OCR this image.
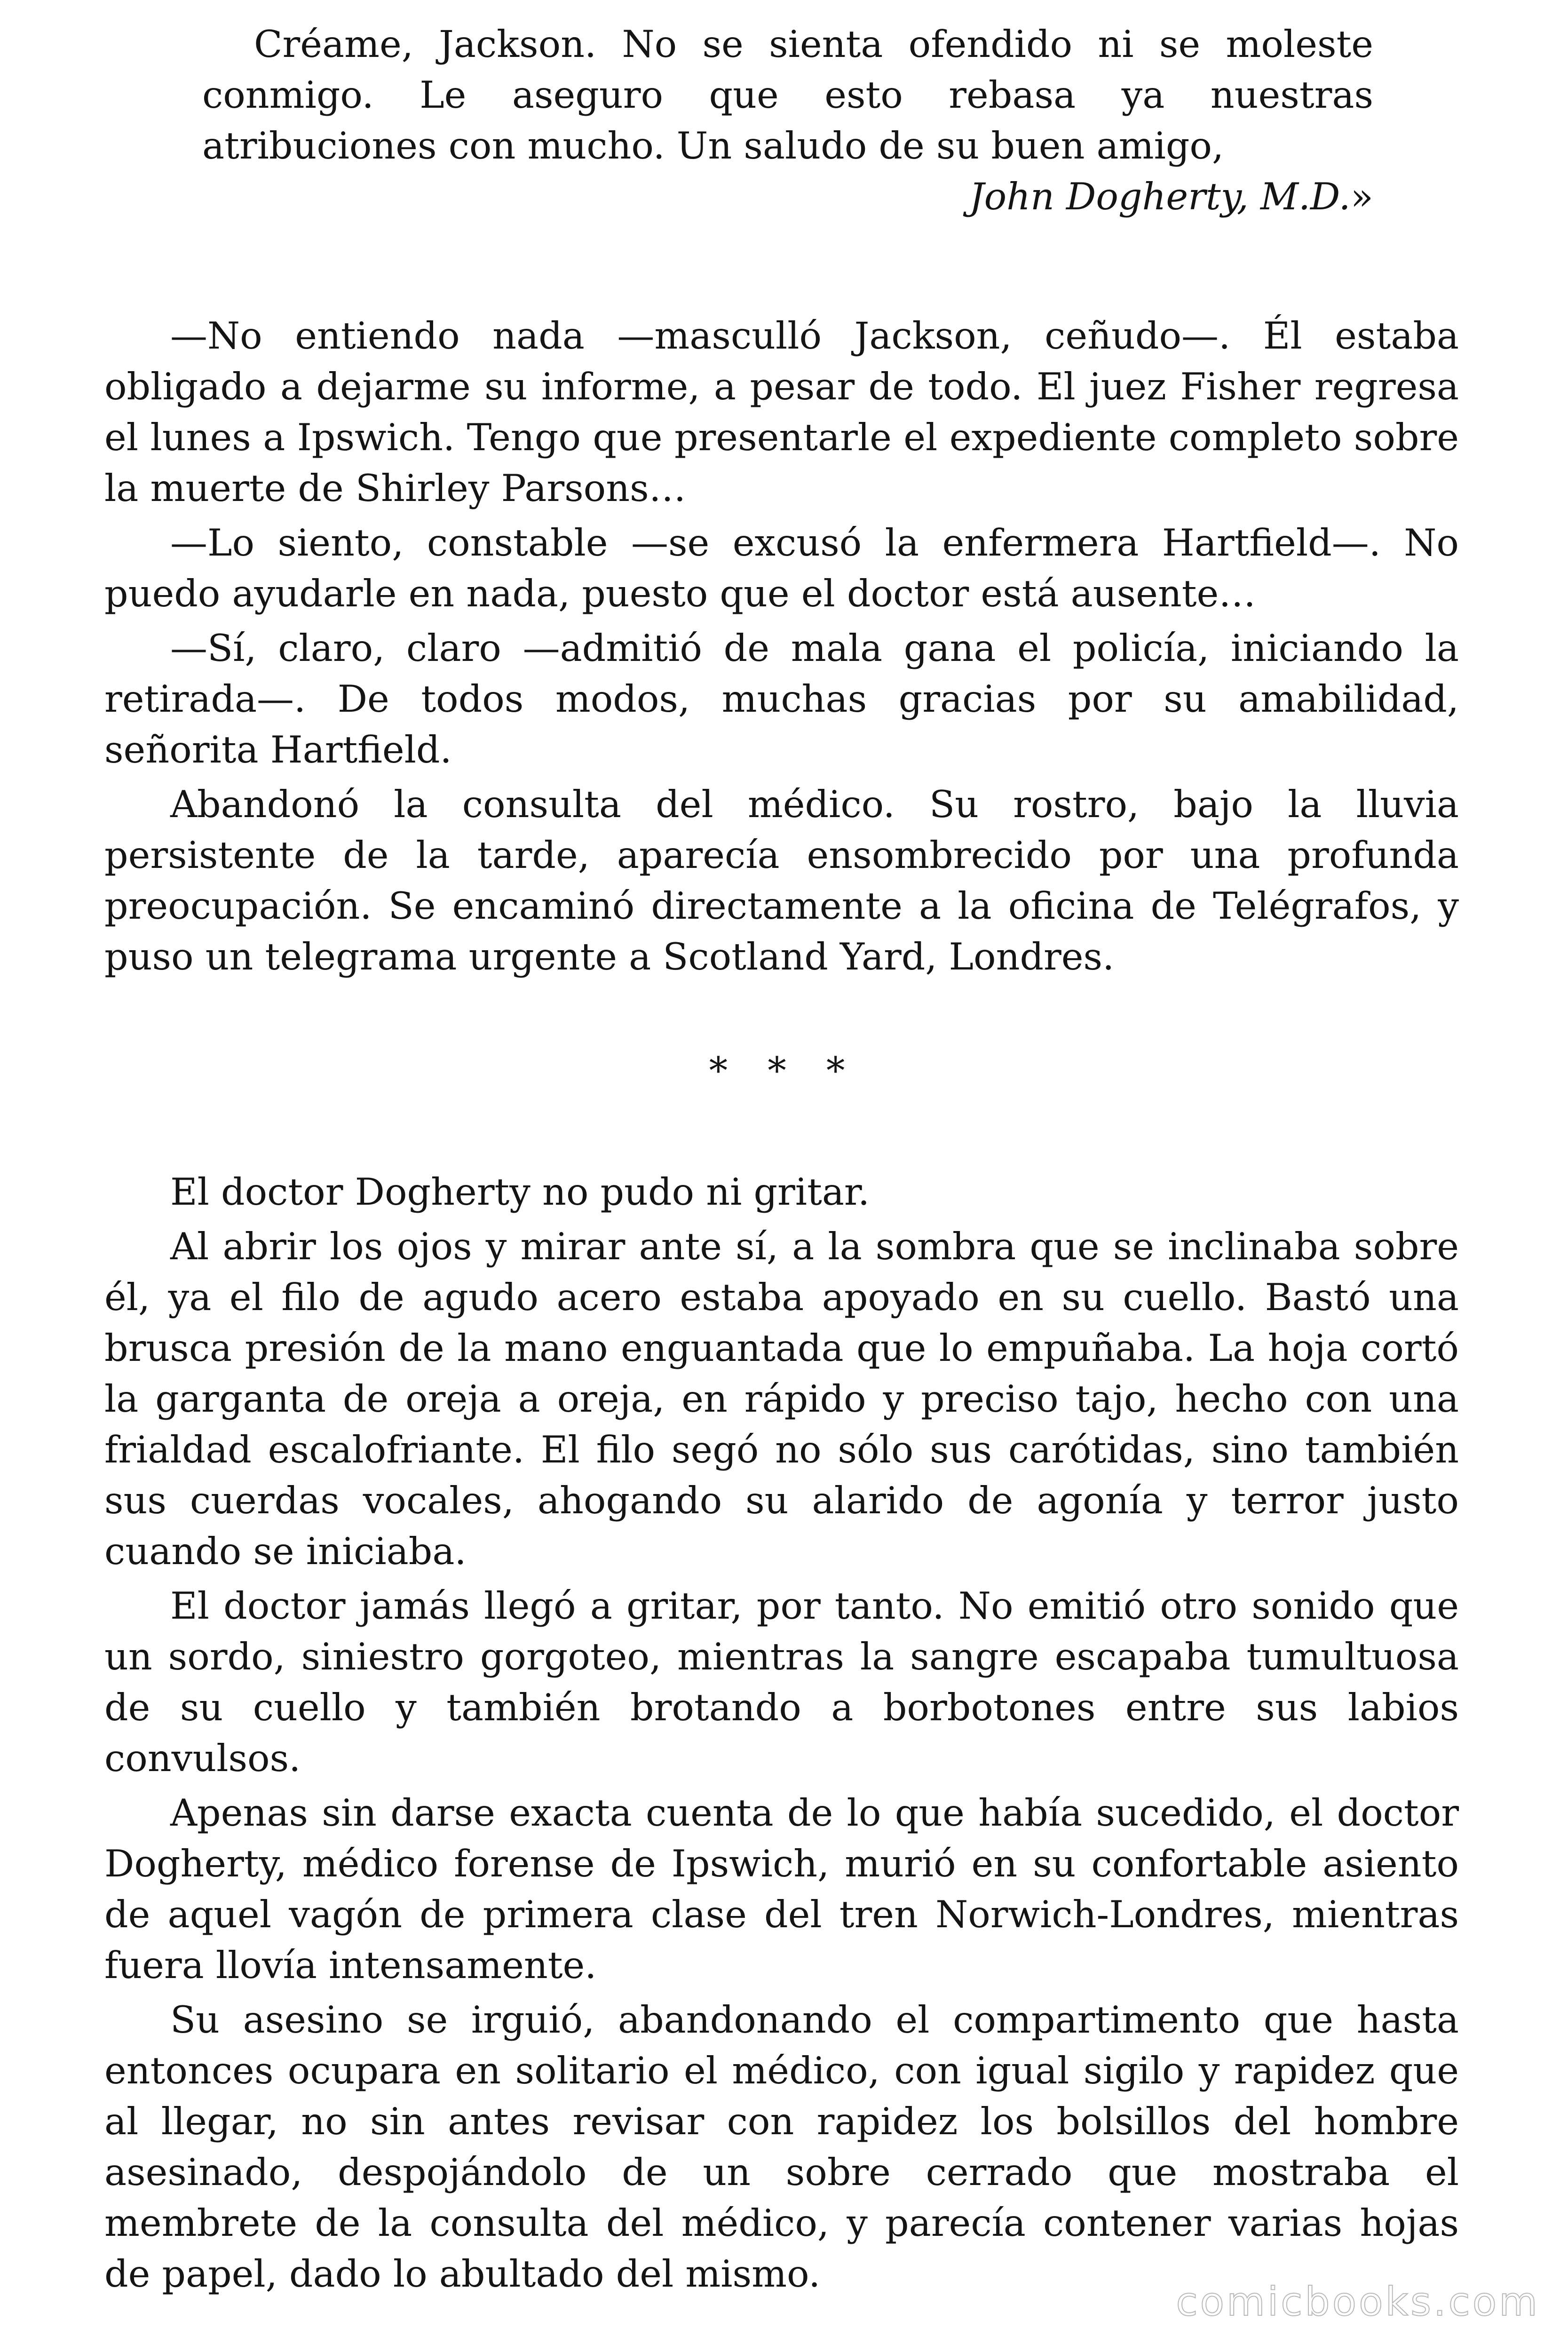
Créame, Jackson. No se sienta ofendido ni se moleste conmigo. Le aseguro que esto rebasa ya nuestras atribuciones con mucho. Un saludo de su buen amigo,

John Dogherty, M.D.»

—No entiendo nada —masculló Jackson, ceñudo—. Él estaba obligado a dejarme su informe, a pesar de todo. El juez Fisher regresa el lunes a Ipswich. Tengo que presentarle el expediente completo sobre la muerte de Shirley Parsons…

—Lo siento, constable —se excusó la enfermera Hartfield—. No puedo ayudarle en nada, puesto que el doctor está ausente…

—Sí, claro, claro —admitió de mala gana el policía, iniciando la retirada—. De todos modos, muchas gracias por su amabilidad, señorita Hartfield.

Abandonó la consulta del médico. Su rostro, bajo la lluvia persistente de la tarde, aparecía ensombrecido por una profunda preocupación. Se encaminó directamente a la oficina de Telégrafos, y puso un telegrama urgente a Scotland Yard, Londres.

* * *

El doctor Dogherty no pudo ni gritar.

Al abrir los ojos y mirar ante sí, a la sombra que se inclinaba sobre él, ya el filo de agudo acero estaba apoyado en su cuello. Bastó una brusca presión de la mano enguantada que lo empuñaba. La hoja cortó la garganta de oreja a oreja, en rápido y preciso tajo, hecho con una frialdad escalofriante. El filo segó no sólo sus carótidas, sino también sus cuerdas vocales, ahogando su alarido de agonía y terror justo cuando se iniciaba.

El doctor jamás llegó a gritar, por tanto. No emitió otro sonido que un sordo, siniestro gorgoteo, mientras la sangre escapaba tumultuosa de su cuello y también brotando a borbotones entre sus labios convulsos.

Apenas sin darse exacta cuenta de lo que había sucedido, el doctor Dogherty, médico forense de Ipswich, murió en su confortable asiento de aquel vagón de primera clase del tren Norwich-Londres, mientras fuera llovía intensamente.

Su asesino se irguió, abandonando el compartimento que hasta entonces ocupara en solitario el médico, con igual sigilo y rapidez que al llegar, no sin antes revisar con rapidez los bolsillos del hombre asesinado, despojándolo de un sobre cerrado que mostraba el membrete de la consulta del médico, y parecía contener varias hojas de papel, dado lo abultado del mismo.

comicbooks.com
